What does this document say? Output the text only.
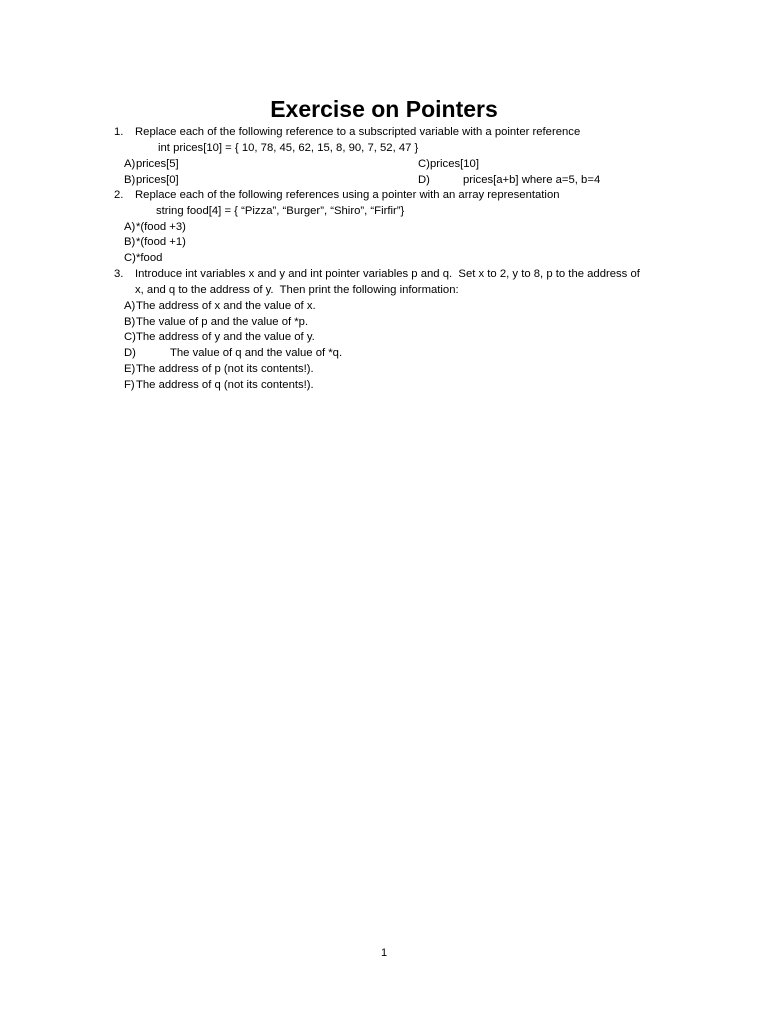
Exercise on Pointers
1. Replace each of the following reference to a subscripted variable with a pointer reference
int prices[10] = { 10, 78, 45, 62, 15, 8, 90, 7, 52, 47 }
A) prices[5]	C) prices[10]
B) prices[0]	D)	prices[a+b] where a=5, b=4
2. Replace each of the following references using a pointer with an array representation
string food[4] = { “Pizza”, “Burger”, “Shiro”, “Firfir”}
A) *(food +3)
B) *(food +1)
C) *food
3. Introduce int variables x and y and int pointer variables p and q.  Set x to 2, y to 8, p to the address of
x, and q to the address of y.  Then print the following information:
A) The address of x and the value of x.
B) The value of p and the value of *p.
C) The address of y and the value of y.
D)	The value of q and the value of *q.
E) The address of p (not its contents!).
F) The address of q (not its contents!).
1
